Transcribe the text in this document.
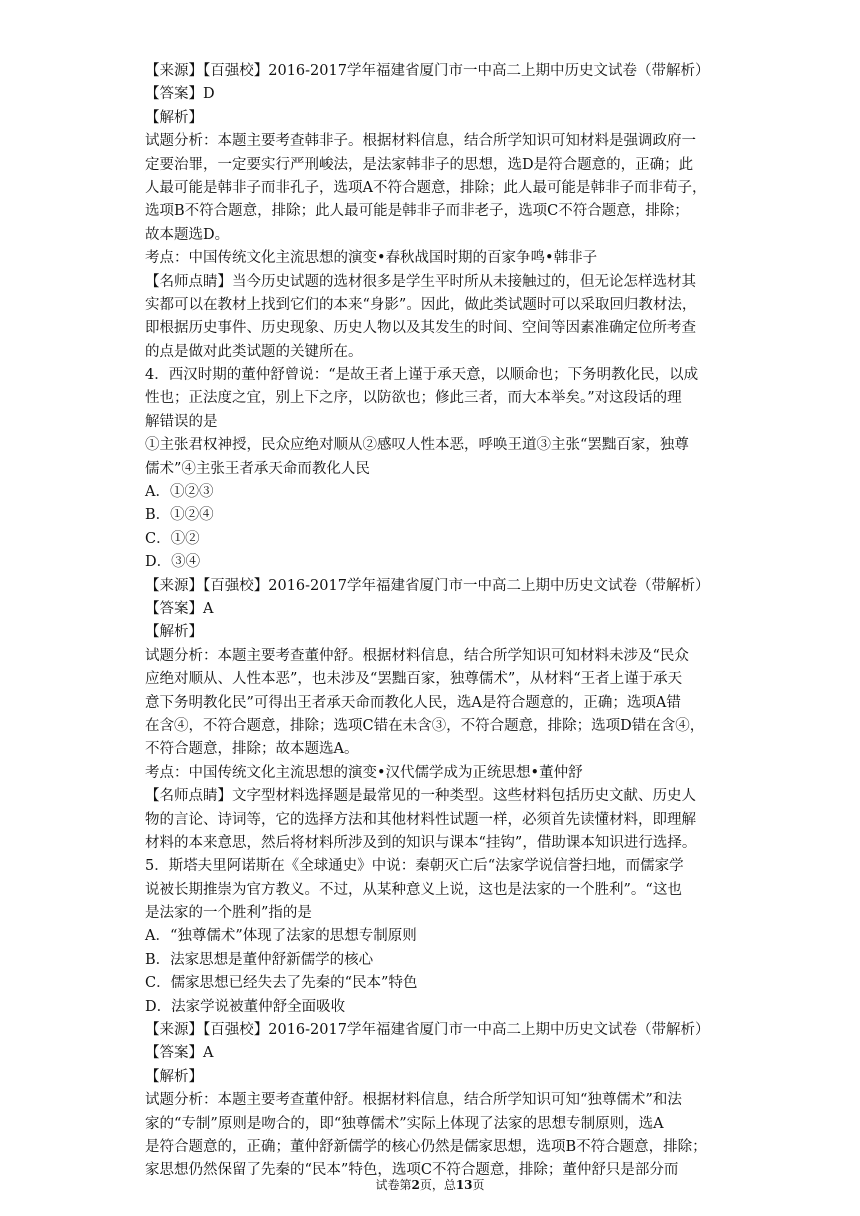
【来源】【百强校】2016-2017学年福建省厦门市一中高二上期中历史文试卷（带解析）
【答案】D
【解析】
试题分析：本题主要考查韩非子。根据材料信息，结合所学知识可知材料是强调政府一
定要治罪，一定要实行严刑峻法，是法家韩非子的思想，选D是符合题意的，正确；此
人最可能是韩非子而非孔子，选项A不符合题意，排除；此人最可能是韩非子而非荀子，
选项B不符合题意，排除；此人最可能是韩非子而非老子，选项C不符合题意，排除；
故本题选D。
考点：中国传统文化主流思想的演变•春秋战国时期的百家争鸣•韩非子
【名师点睛】当今历史试题的选材很多是学生平时所从未接触过的，但无论怎样选材其
实都可以在教材上找到它们的本来“身影”。因此，做此类试题时可以采取回归教材法，
即根据历史事件、历史现象、历史人物以及其发生的时间、空间等因素准确定位所考查
的点是做对此类试题的关键所在。
4．西汉时期的董仲舒曾说：“是故王者上谨于承天意，以顺命也；下务明教化民，以成
性也；正法度之宜，别上下之序，以防欲也；修此三者，而大本举矣。”对这段话的理
解错误的是
①主张君权神授，民众应绝对顺从②感叹人性本恶，呼唤王道③主张“罢黜百家，独尊
儒术”④主张王者承天命而教化人民
A．①②③
B．①②④
C．①②
D．③④
【来源】【百强校】2016-2017学年福建省厦门市一中高二上期中历史文试卷（带解析）
【答案】A
【解析】
试题分析：本题主要考查董仲舒。根据材料信息，结合所学知识可知材料未涉及“民众
应绝对顺从、人性本恶”，也未涉及“罢黜百家，独尊儒术”，从材料“王者上谨于承天
意下务明教化民”可得出王者承天命而教化人民，选A是符合题意的，正确；选项A错
在含④，不符合题意，排除；选项C错在未含③，不符合题意，排除；选项D错在含④，
不符合题意，排除；故本题选A。
考点：中国传统文化主流思想的演变•汉代儒学成为正统思想•董仲舒
【名师点睛】文字型材料选择题是最常见的一种类型。这些材料包括历史文献、历史人
物的言论、诗词等，它的选择方法和其他材料性试题一样，必须首先读懂材料，即理解
材料的本来意思，然后将材料所涉及到的知识与课本“挂钩”，借助课本知识进行选择。
5．斯塔夫里阿诺斯在《全球通史》中说：秦朝灭亡后“法家学说信誉扫地，而儒家学
说被长期推崇为官方教义。不过，从某种意义上说，这也是法家的一个胜利”。“这也
是法家的一个胜利”指的是
A．“独尊儒术”体现了法家的思想专制原则
B．法家思想是董仲舒新儒学的核心
C．儒家思想已经失去了先秦的“民本”特色
D．法家学说被董仲舒全面吸收
【来源】【百强校】2016-2017学年福建省厦门市一中高二上期中历史文试卷（带解析）
【答案】A
【解析】
试题分析：本题主要考查董仲舒。根据材料信息，结合所学知识可知“独尊儒术”和法
家的“专制”原则是吻合的，即“独尊儒术”实际上体现了法家的思想专制原则，选A
是符合题意的，正确；董仲舒新儒学的核心仍然是儒家思想，选项B不符合题意，排除；
家思想仍然保留了先秦的“民本”特色，选项C不符合题意，排除；董仲舒只是部分而
试卷第2页，总13页
